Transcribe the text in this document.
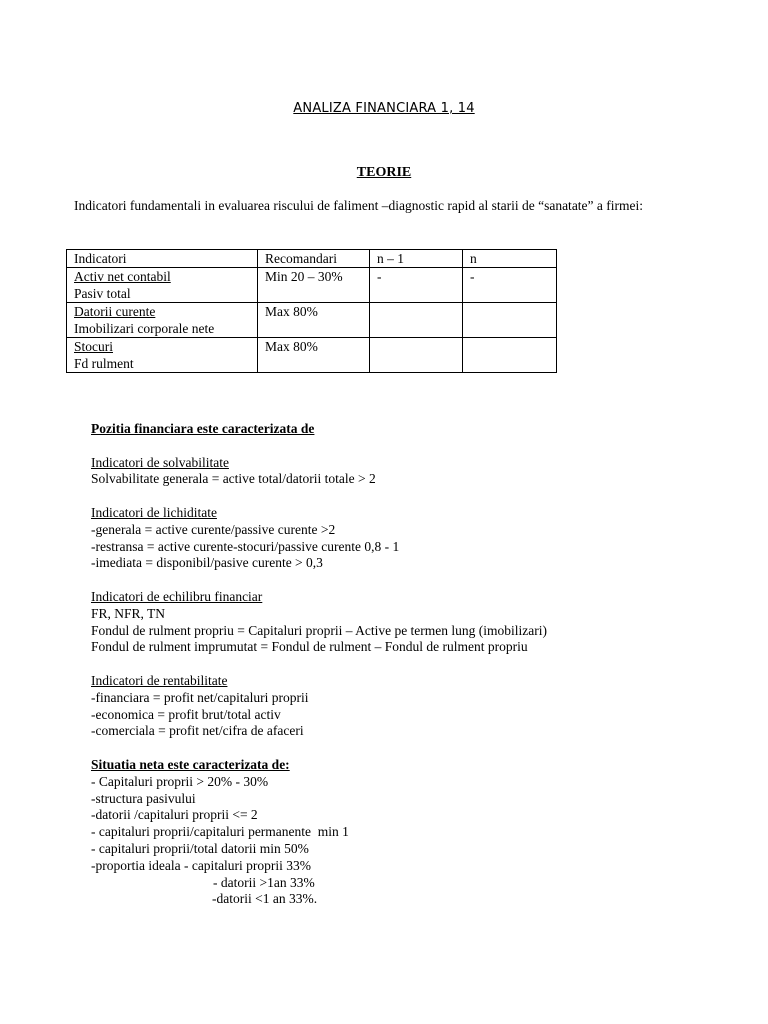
ANALIZA FINANCIARA 1, 14
TEORIE
Indicatori fundamentali in evaluarea riscului de faliment –diagnostic rapid al starii de “sanatate” a firmei:
Indicatori	Recomandari	n – 1	n

Activ net contabil
Pasiv total	Min 20 – 30%	-	-

Datorii curente
Imobilizari corporale nete	Max 80%		

Stocuri
Fd rulment	Max 80%		
Pozitia financiara este caracterizata de
Indicatori de solvabilitate
Solvabilitate generala = active total/datorii totale > 2
Indicatori de lichiditate
-generala = active curente/passive curente >2
-restransa = active curente-stocuri/passive curente 0,8 - 1
-imediata = disponibil/pasive curente > 0,3
Indicatori de echilibru financiar
FR, NFR, TN
Fondul de rulment propriu = Capitaluri proprii – Active pe termen lung (imobilizari)
Fondul de rulment imprumutat = Fondul de rulment – Fondul de rulment propriu
Indicatori de rentabilitate
-financiara = profit net/capitaluri proprii
-economica = profit brut/total activ
-comerciala = profit net/cifra de afaceri
Situatia neta este caracterizata de:
- Capitaluri proprii > 20% - 30%
-structura pasivului
-datorii /capitaluri proprii <= 2
- capitaluri proprii/capitaluri permanente  min 1
- capitaluri proprii/total datorii min 50%
-proportia ideala - capitaluri proprii 33%
- datorii >1an 33%
-datorii <1 an 33%.
